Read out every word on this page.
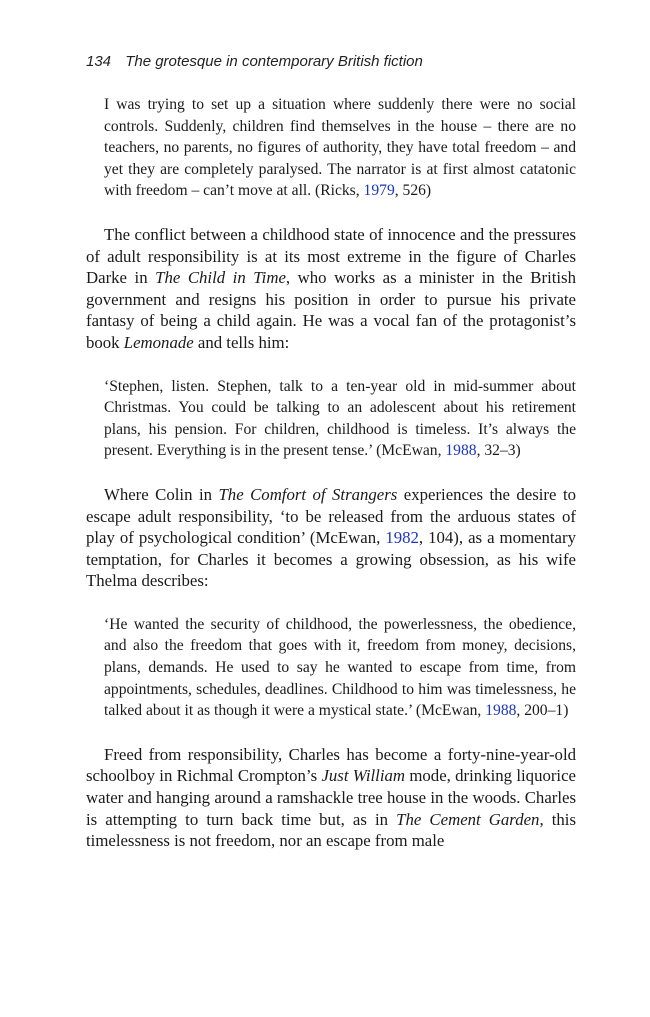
134 The grotesque in contemporary British fiction

I was trying to set up a situation where suddenly there were no social controls. Suddenly, children find themselves in the house – there are no teachers, no parents, no figures of authority, they have total freedom – and yet they are completely paralysed. The narrator is at first almost catatonic with freedom – can’t move at all. (Ricks, 1979, 526)

The conflict between a childhood state of innocence and the pressures of adult responsibility is at its most extreme in the figure of Charles Darke in The Child in Time, who works as a minister in the British government and resigns his position in order to pursue his private fantasy of being a child again. He was a vocal fan of the protagonist’s book Lemonade and tells him:

‘Stephen, listen. Stephen, talk to a ten-year old in mid-summer about Christmas. You could be talking to an adolescent about his retirement plans, his pension. For children, childhood is timeless. It’s always the present. Everything is in the present tense.’ (McEwan, 1988, 32–3)

Where Colin in The Comfort of Strangers experiences the desire to escape adult responsibility, ‘to be released from the arduous states of play of psychological condition’ (McEwan, 1982, 104), as a momentary temptation, for Charles it becomes a growing obsession, as his wife Thelma describes:

‘He wanted the security of childhood, the powerlessness, the obedience, and also the freedom that goes with it, freedom from money, decisions, plans, demands. He used to say he wanted to escape from time, from appointments, schedules, deadlines. Childhood to him was timelessness, he talked about it as though it were a mystical state.’ (McEwan, 1988, 200–1)

Freed from responsibility, Charles has become a forty-nine-year-old schoolboy in Richmal Crompton’s Just William mode, drinking liquorice water and hanging around a ramshackle tree house in the woods. Charles is attempting to turn back time but, as in The Cement Garden, this timelessness is not freedom, nor an escape from male
